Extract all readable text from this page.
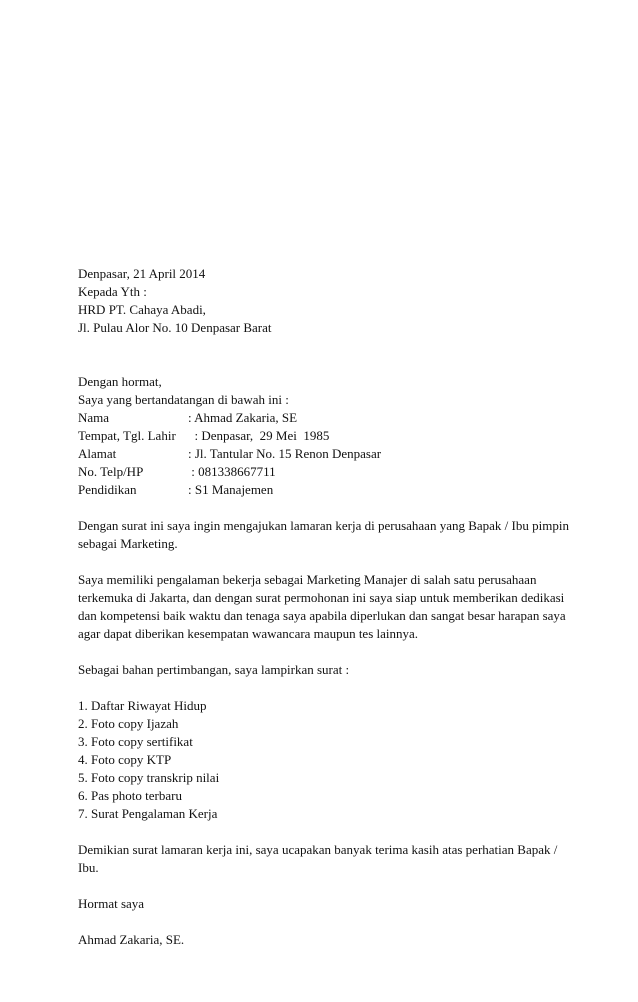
Denpasar, 21 April 2014
Kepada Yth :
HRD PT. Cahaya Abadi,
Jl. Pulau Alor No. 10 Denpasar Barat
Dengan hormat,
Saya yang bertandatangan di bawah ini :
Nama	: Ahmad Zakaria, SE
Tempat, Tgl. Lahir : Denpasar,  29 Mei  1985
Alamat	: Jl. Tantular No. 15 Renon Denpasar
No. Telp/HP	: 081338667711
Pendidikan	: S1 Manajemen

Dengan surat ini saya ingin mengajukan lamaran kerja di perusahaan yang Bapak / Ibu pimpin sebagai Marketing.

Saya memiliki pengalaman bekerja sebagai Marketing Manajer di salah satu perusahaan terkemuka di Jakarta, dan dengan surat permohonan ini saya siap untuk memberikan dedikasi dan kompetensi baik waktu dan tenaga saya apabila diperlukan dan sangat besar harapan saya agar dapat diberikan kesempatan wawancara maupun tes lainnya.

Sebagai bahan pertimbangan, saya lampirkan surat :

1. Daftar Riwayat Hidup
2. Foto copy Ijazah
3. Foto copy sertifikat
4. Foto copy KTP
5. Foto copy transkrip nilai
6. Pas photo terbaru
7. Surat Pengalaman Kerja

Demikian surat lamaran kerja ini, saya ucapakan banyak terima kasih atas perhatian Bapak / Ibu.

Hormat saya
Ahmad Zakaria, SE.
